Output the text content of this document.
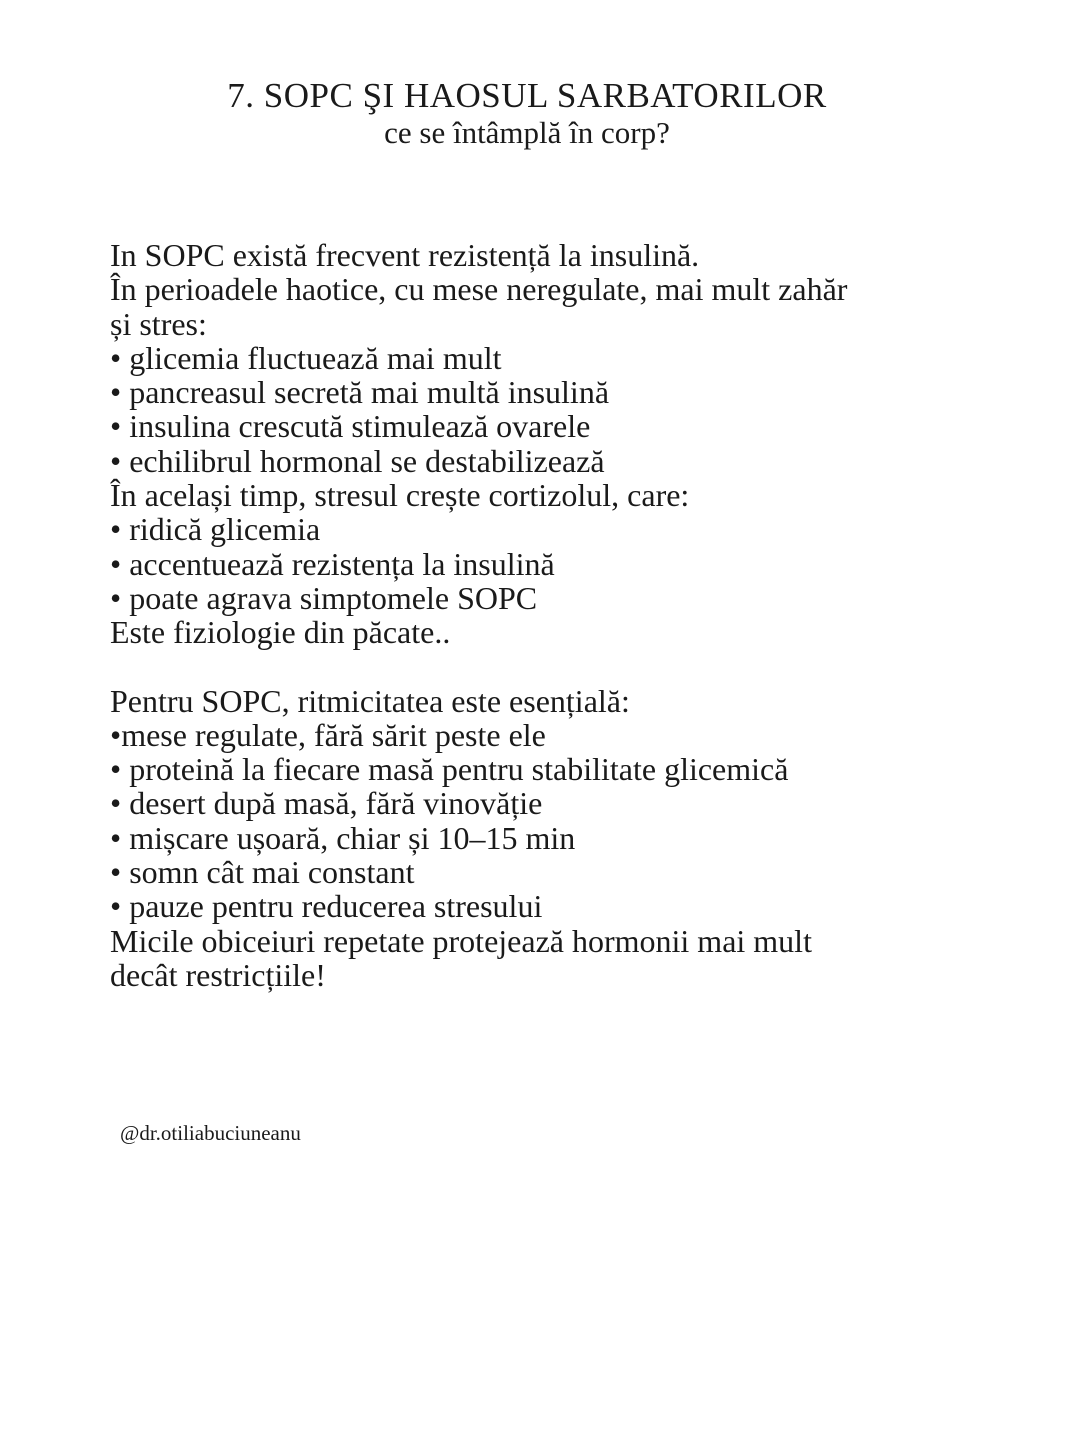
7. SOPC ŞI HAOSUL SARBATORILOR

ce se întâmplă în corp?

In SOPC există frecvent rezistență la insulină.
În perioadele haotice, cu mese neregulate, mai mult zahăr
și stres:
• glicemia fluctuează mai mult
• pancreasul secretă mai multă insulină
• insulina crescută stimulează ovarele
• echilibrul hormonal se destabilizează
În același timp, stresul crește cortizolul, care:
• ridică glicemia
• accentuează rezistența la insulină
• poate agrava simptomele SOPC
Este fiziologie din păcate..
Pentru SOPC, ritmicitatea este esențială:
•mese regulate, fără sărit peste ele
• proteină la fiecare masă pentru stabilitate glicemică
• desert după masă, fără vinovăție
• mișcare ușoară, chiar și 10–15 min
• somn cât mai constant
• pauze pentru reducerea stresului
Micile obiceiuri repetate protejează hormonii mai mult
decât restricțiile!
@dr.otiliabuciuneanu
